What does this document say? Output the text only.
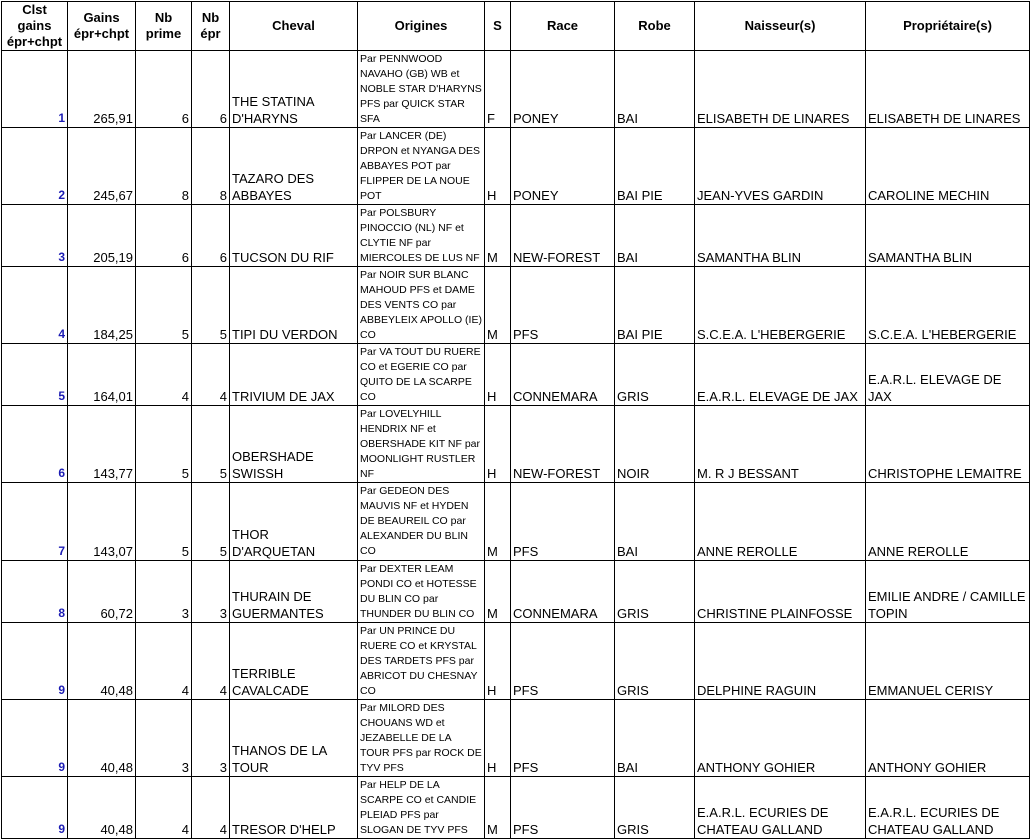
Clst gains épr+chpt	Gains épr+chpt	Nb prime	Nb épr	Cheval	Origines	S	Race	Robe	Naisseur(s)	Propriétaire(s)
1	265,91	6	6	THE STATINA D'HARYNS	Par PENNWOOD NAVAHO (GB) WB et NOBLE STAR D'HARYNS PFS par QUICK STAR SFA	F	PONEY	BAI	ELISABETH DE LINARES	ELISABETH DE LINARES
2	245,67	8	8	TAZARO DES ABBAYES	Par LANCER (DE) DRPON et NYANGA DES ABBAYES POT par FLIPPER DE LA NOUE POT	H	PONEY	BAI PIE	JEAN-YVES GARDIN	CAROLINE MECHIN
3	205,19	6	6	TUCSON DU RIF	Par POLSBURY PINOCCIO (NL) NF et CLYTIE NF par MIERCOLES DE LUS NF	M	NEW-FOREST	BAI	SAMANTHA BLIN	SAMANTHA BLIN
4	184,25	5	5	TIPI DU VERDON	Par NOIR SUR BLANC MAHOUD PFS et DAME DES VENTS CO par ABBEYLEIX APOLLO (IE) CO	M	PFS	BAI PIE	S.C.E.A. L'HEBERGERIE	S.C.E.A. L'HEBERGERIE
5	164,01	4	4	TRIVIUM DE JAX	Par VA TOUT DU RUERE CO et EGERIE CO par QUITO DE LA SCARPE CO	H	CONNEMARA	GRIS	E.A.R.L. ELEVAGE DE JAX	E.A.R.L. ELEVAGE DE JAX
6	143,77	5	5	OBERSHADE SWISSH	Par LOVELYHILL HENDRIX NF et OBERSHADE KIT NF par MOONLIGHT RUSTLER NF	H	NEW-FOREST	NOIR	M. R J BESSANT	CHRISTOPHE LEMAITRE
7	143,07	5	5	THOR D'ARQUETAN	Par GEDEON DES MAUVIS NF et HYDEN DE BEAUREIL CO par ALEXANDER DU BLIN CO	M	PFS	BAI	ANNE REROLLE	ANNE REROLLE
8	60,72	3	3	THURAIN DE GUERMANTES	Par DEXTER LEAM PONDI CO et HOTESSE DU BLIN CO par THUNDER DU BLIN CO	M	CONNEMARA	GRIS	CHRISTINE PLAINFOSSE	EMILIE ANDRE / CAMILLE TOPIN
9	40,48	4	4	TERRIBLE CAVALCADE	Par UN PRINCE DU RUERE CO et KRYSTAL DES TARDETS PFS par ABRICOT DU CHESNAY CO	H	PFS	GRIS	DELPHINE RAGUIN	EMMANUEL CERISY
9	40,48	3	3	THANOS DE LA TOUR	Par MILORD DES CHOUANS WD et JEZABELLE DE LA TOUR PFS par ROCK DE TYV PFS	H	PFS	BAI	ANTHONY GOHIER	ANTHONY GOHIER
9	40,48	4	4	TRESOR D'HELP	Par HELP DE LA SCARPE CO et CANDIE PLEIAD PFS par SLOGAN DE TYV PFS	M	PFS	GRIS	E.A.R.L. ECURIES DE CHATEAU GALLAND	E.A.R.L. ECURIES DE CHATEAU GALLAND
